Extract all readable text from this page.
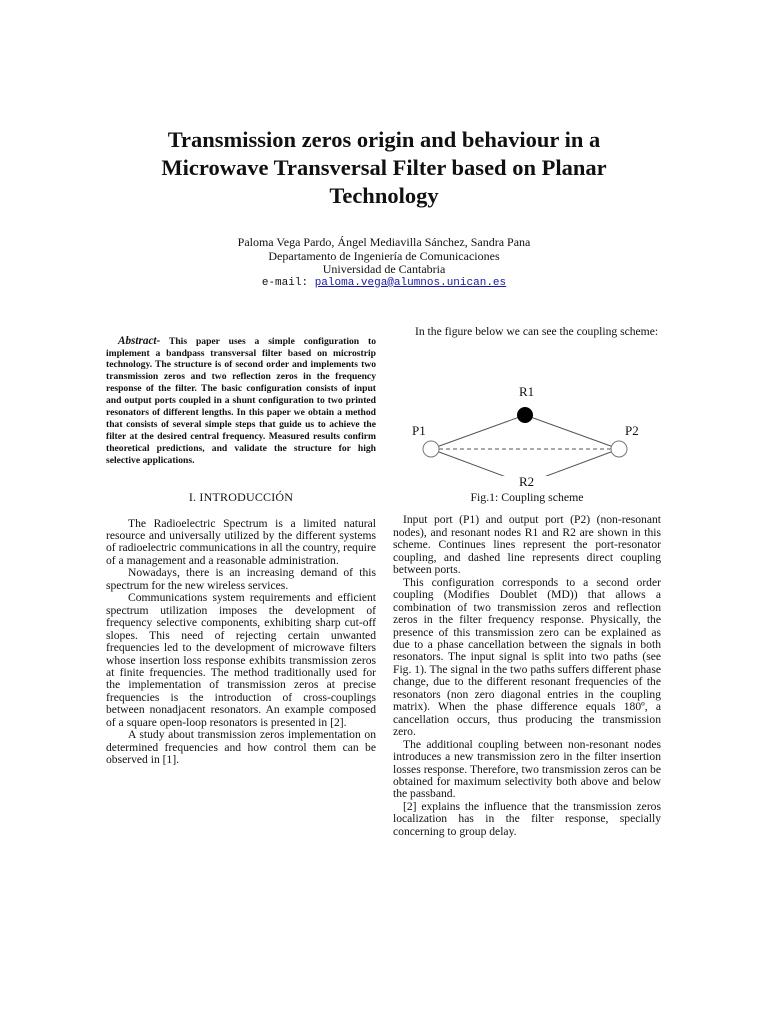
Transmission zeros origin and behaviour in a
Microwave Transversal Filter based on Planar
Technology
Paloma Vega Pardo, Ángel Mediavilla Sánchez, Sandra Pana
Departamento de Ingeniería de Comunicaciones
Universidad de Cantabria
e-mail: paloma.vega@alumnos.unican.es

Abstract- This paper uses a simple configuration to implement a bandpass transversal filter based on microstrip technology. The structure is of second order and implements two transmission zeros and two reflection zeros in the frequency response of the filter. The basic configuration consists of input and output ports coupled in a shunt configuration to two printed resonators of different lengths. In this paper we obtain a method that consists of several simple steps that guide us to achieve the filter at the desired central frequency. Measured results confirm theoretical predictions, and validate the structure for high selective applications.

I. INTRODUCCIÓN

The Radioelectric Spectrum is a limited natural resource and universally utilized by the different systems of radioelectric communications in all the country, require of a management and a reasonable administration.

Nowadays, there is an increasing demand of this spectrum for the new wireless services.

Communications system requirements and efficient spectrum utilization imposes the development of frequency selective components, exhibiting sharp cut-off slopes. This need of rejecting certain unwanted frequencies led to the development of microwave filters whose insertion loss response exhibits transmission zeros at finite frequencies. The method traditionally used for the implementation of transmission zeros at precise frequencies is the introduction of cross-couplings between nonadjacent resonators. An example composed of a square open-loop resonators is presented in [2].

A study about transmission zeros implementation on determined frequencies and how control them can be observed in [1].

In the figure below we can see the coupling scheme:

R1
P1	P2
R2
Fig.1: Coupling scheme

Input port (P1) and output port (P2) (non-resonant nodes), and resonant nodes R1 and R2 are shown in this scheme. Continues lines represent the port-resonator coupling, and dashed line represents direct coupling between ports.

This configuration corresponds to a second order coupling (Modifies Doublet (MD)) that allows a combination of two transmission zeros and reflection zeros in the filter frequency response. Physically, the presence of this transmission zero can be explained as due to a phase cancellation between the signals in both resonators. The input signal is split into two paths (see Fig. 1). The signal in the two paths suffers different phase change, due to the different resonant frequencies of the resonators (non zero diagonal entries in the coupling matrix). When the phase difference equals 180º, a cancellation occurs, thus producing the transmission zero.

The additional coupling between non-resonant nodes introduces a new transmission zero in the filter insertion losses response. Therefore, two transmission zeros can be obtained for maximum selectivity both above and below the passband.

[2] explains the influence that the transmission zeros localization has in the filter response, specially concerning to group delay.
